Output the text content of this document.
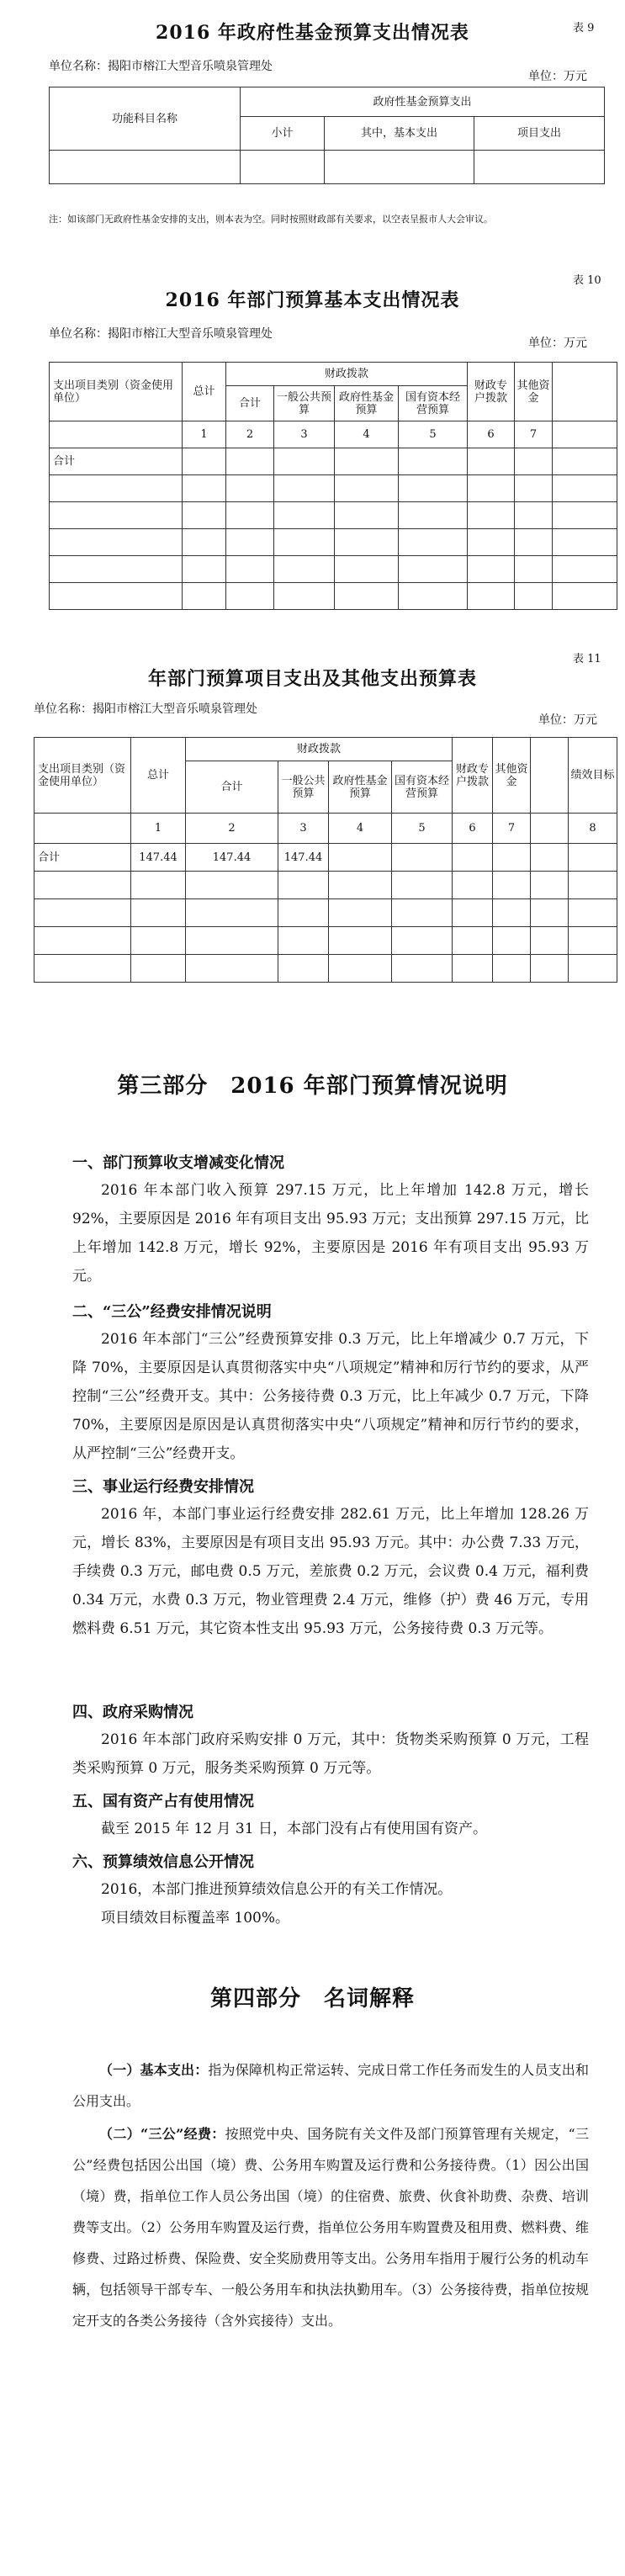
表 9
2016 年政府性基金预算支出情况表
单位名称：揭阳市榕江大型音乐喷泉管理处
单位：万元
功能科目名称	政府性基金预算支出		
	小计	其中，基本支出	项目支出

注：如该部门无政府性基金安排的支出，则本表为空。同时按照财政部有关要求，以空表呈报市人大会审议。
表 10
2016 年部门预算基本支出情况表
单位名称：揭阳市榕江大型音乐喷泉管理处
单位：万元
支出项目类别（资金使用单位）	总计	财政拨款				财政专户拨款	其他资金	
		合计	一般公共预算	政府性基金预算	国有资本经营预算			
	1	2	3	4	5	6	7	
合计								

表 11
年部门预算项目支出及其他支出预算表
单位名称：揭阳市榕江大型音乐喷泉管理处
单位：万元
支出项目类别（资金使用单位）	总计	财政拨款				财政专户拨款	其他资金		绩效目标
		合计	一般公共预算	政府性基金预算	国有资本经营预算				
	1	2	3	4	5	6	7		8
合计	147.44	147.44	147.44						

第三部分　2016 年部门预算情况说明
一、部门预算收支增减变化情况
2016 年本部门收入预算 297.15 万元，比上年增加 142.8 万元，增长 92%，主要原因是 2016 年有项目支出 95.93 万元；支出预算 297.15 万元，比上年增加 142.8 万元，增长 92%，主要原因是 2016 年有项目支出 95.93 万元。
二、“三公”经费安排情况说明
2016 年本部门“三公”经费预算安排 0.3 万元，比上年增减少 0.7 万元，下降 70%，主要原因是认真贯彻落实中央“八项规定”精神和厉行节约的要求，从严控制“三公”经费开支。其中：公务接待费 0.3 万元，比上年减少 0.7 万元，下降 70%，主要原因是原因是认真贯彻落实中央“八项规定”精神和厉行节约的要求，从严控制“三公”经费开支。
三、事业运行经费安排情况
2016 年，本部门事业运行经费安排 282.61 万元，比上年增加 128.26 万元，增长 83%，主要原因是有项目支出 95.93 万元。其中：办公费 7.33 万元，手续费 0.3 万元，邮电费 0.5 万元，差旅费 0.2 万元，会议费 0.4 万元，福利费 0.34 万元，水费 0.3 万元，物业管理费 2.4 万元，维修（护）费 46 万元，专用燃料费 6.51 万元，其它资本性支出 95.93 万元，公务接待费 0.3 万元等。
四、政府采购情况
2016 年本部门政府采购安排 0 万元，其中：货物类采购预算 0 万元，工程类采购预算 0 万元，服务类采购预算 0 万元等。
五、国有资产占有使用情况
截至 2015 年 12 月 31 日，本部门没有占有使用国有资产。
六、预算绩效信息公开情况
2016，本部门推进预算绩效信息公开的有关工作情况。
项目绩效目标覆盖率 100%。
第四部分　名词解释
（一）基本支出：指为保障机构正常运转、完成日常工作任务而发生的人员支出和公用支出。
（二）“三公”经费：按照党中央、国务院有关文件及部门预算管理有关规定，“三公”经费包括因公出国（境）费、公务用车购置及运行费和公务接待费。（1）因公出国（境）费，指单位工作人员公务出国（境）的住宿费、旅费、伙食补助费、杂费、培训费等支出。（2）公务用车购置及运行费，指单位公务用车购置费及租用费、燃料费、维修费、过路过桥费、保险费、安全奖励费用等支出。公务用车指用于履行公务的机动车辆，包括领导干部专车、一般公务用车和执法执勤用车。（3）公务接待费，指单位按规定开支的各类公务接待（含外宾接待）支出。
